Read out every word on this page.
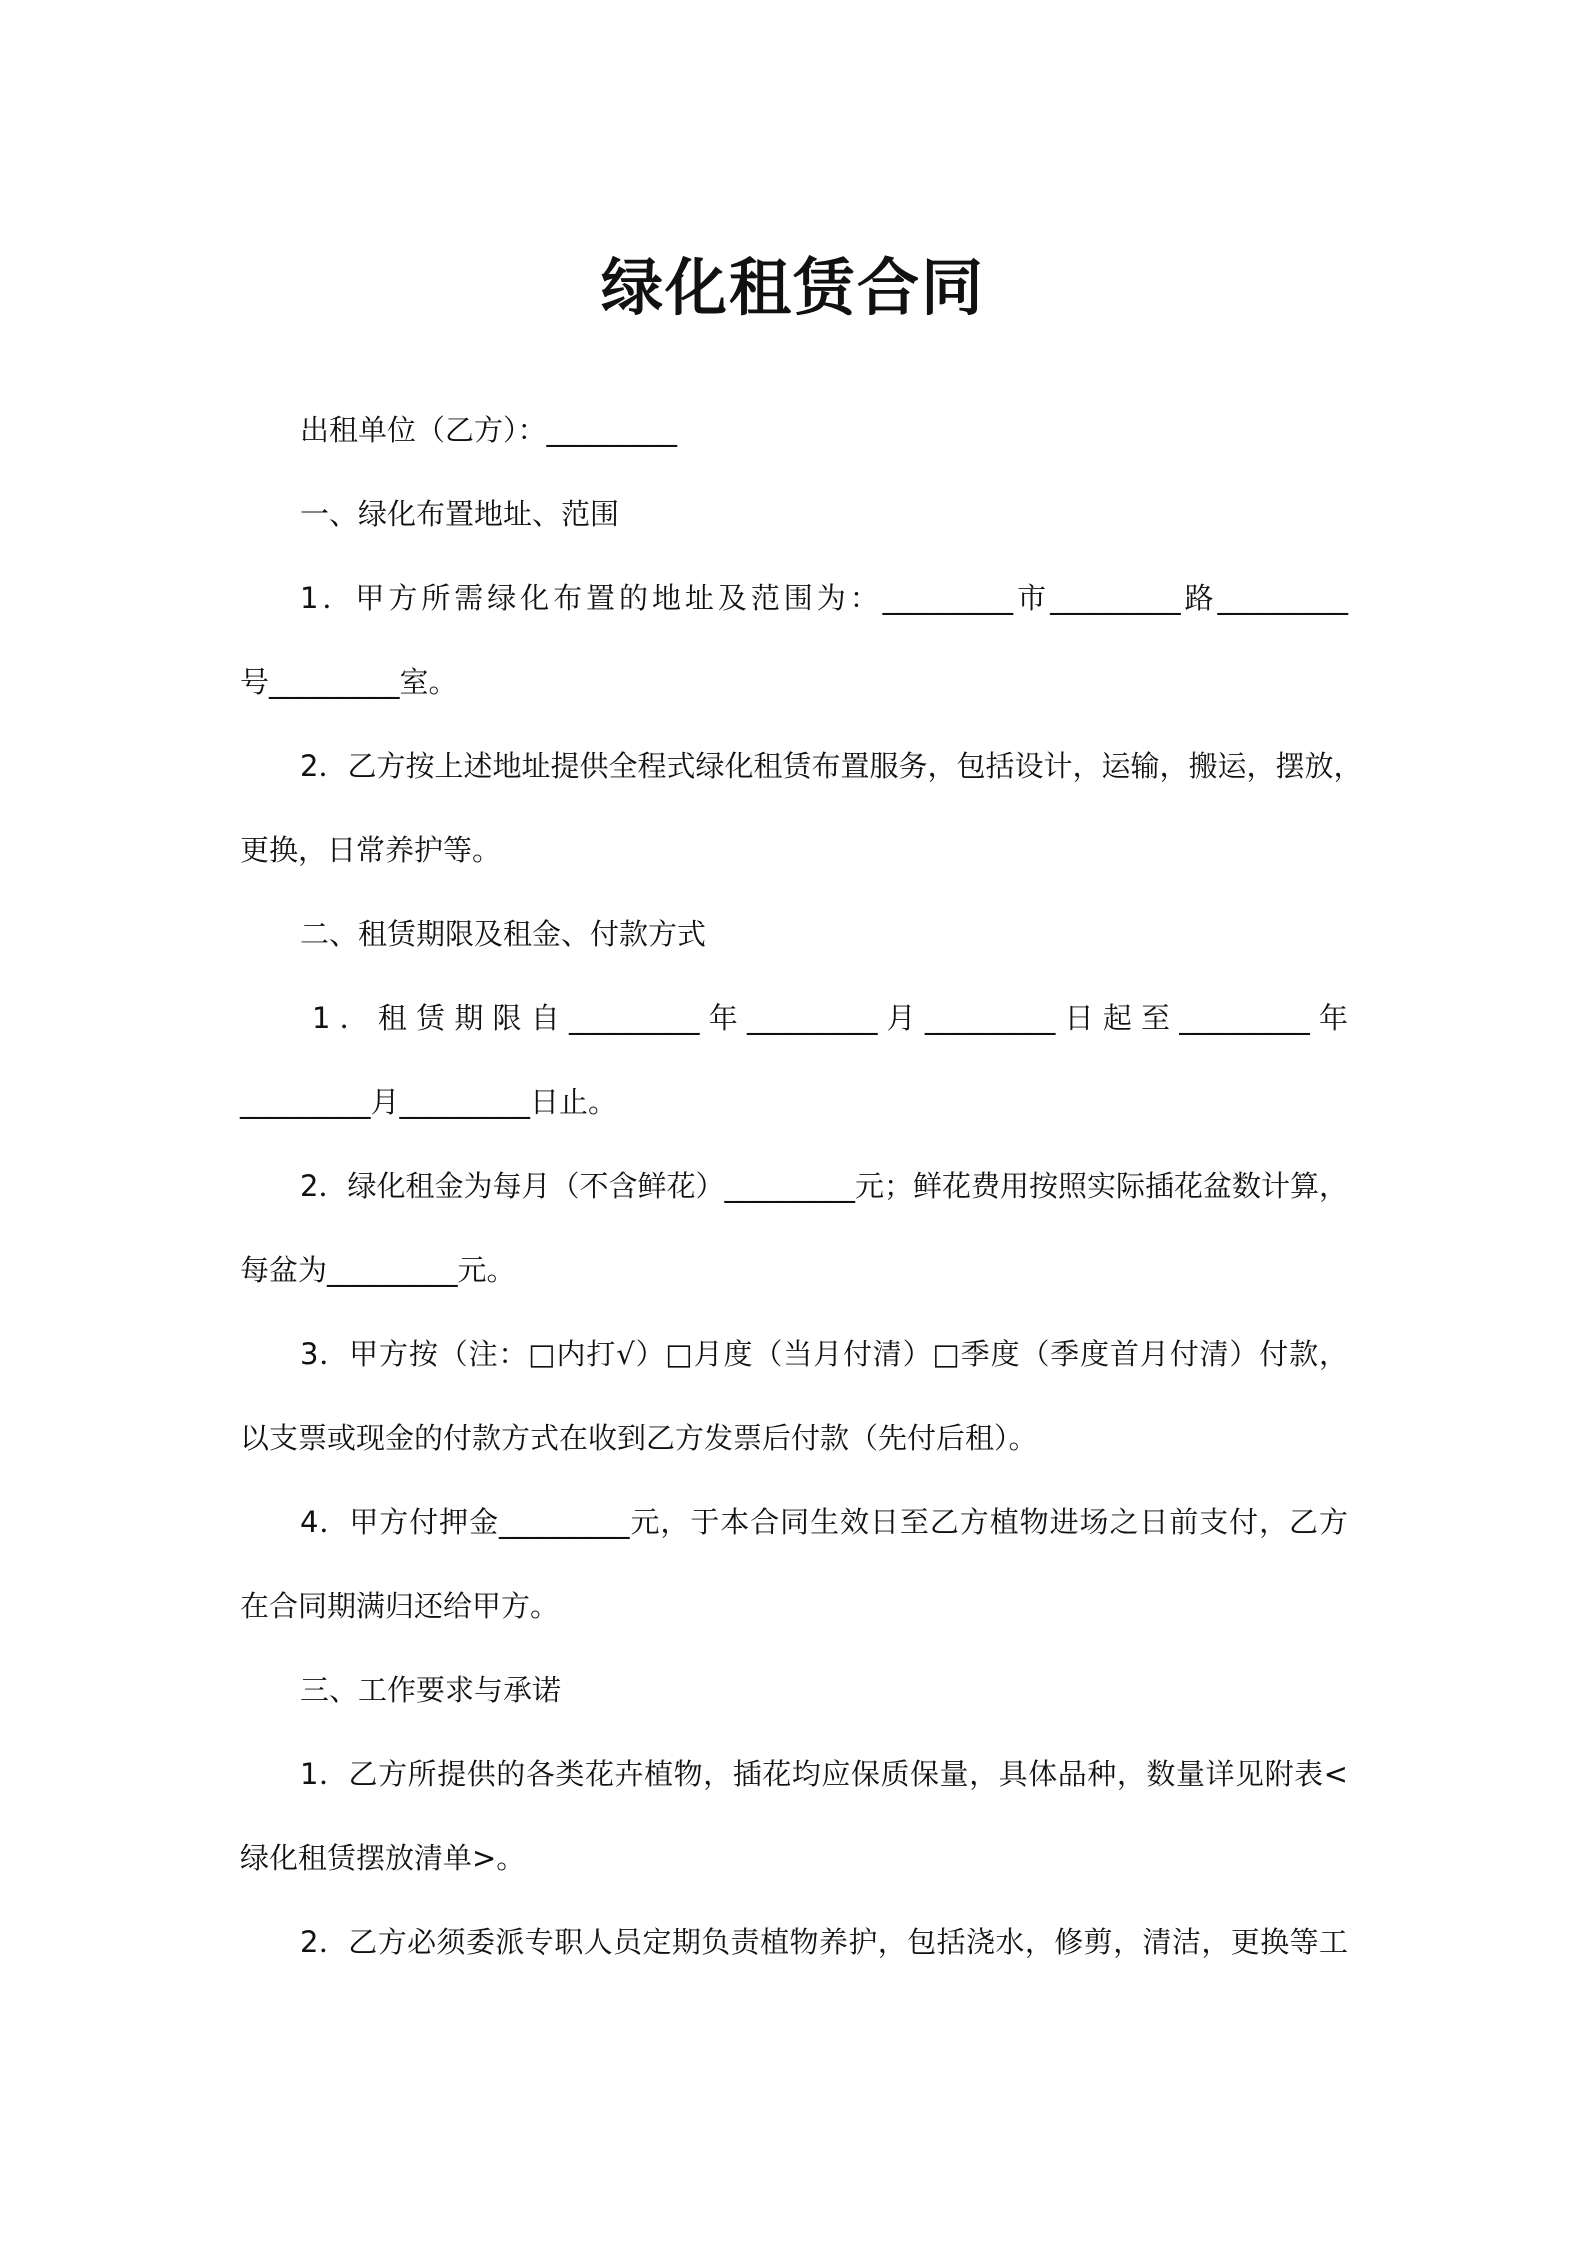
绿化租赁合同
出租单位（乙方）：_________
一、绿化布置地址、范围
1．甲方所需绿化布置的地址及范围为：_________市_________路_________
号_________室。
2．乙方按上述地址提供全程式绿化租赁布置服务，包括设计，运输，搬运，摆放，
更换，日常养护等。
二、租赁期限及租金、付款方式
1．租赁期限自_________年_________月_________日起至_________年
_________月_________日止。
2．绿化租金为每月（不含鲜花）_________元；鲜花费用按照实际插花盆数计算，
每盆为_________元。
3．甲方按（注：□内打√）□月度（当月付清）□季度（季度首月付清）付款，
以支票或现金的付款方式在收到乙方发票后付款（先付后租）。
4．甲方付押金_________元，于本合同生效日至乙方植物进场之日前支付，乙方
在合同期满归还给甲方。
三、工作要求与承诺
1．乙方所提供的各类花卉植物，插花均应保质保量，具体品种，数量详见附表<
绿化租赁摆放清单>。
2．乙方必须委派专职人员定期负责植物养护，包括浇水，修剪，清洁，更换等工
